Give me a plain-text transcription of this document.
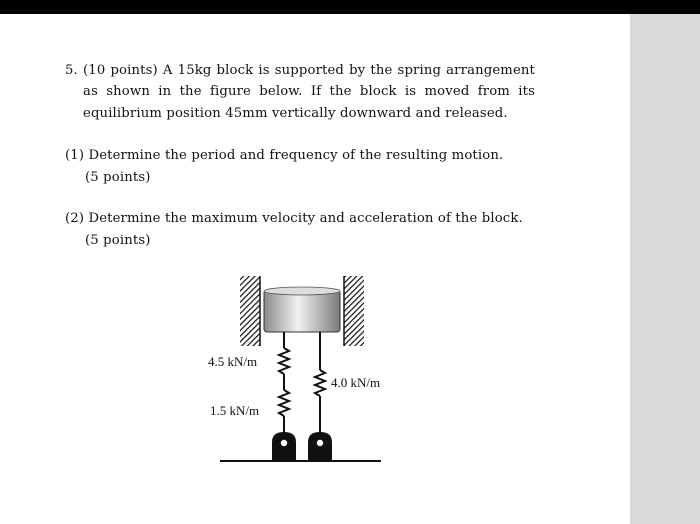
5. (10 points) A 15kg block is supported by the spring arrangement
as shown in the figure below. If the block is moved from its
equilibrium position 45mm vertically downward and released.
(1) Determine the period and frequency of the resulting motion.
(5 points)
(2) Determine the maximum velocity and acceleration of the block.
(5 points)
4.5 kN/m
4.0 kN/m
1.5 kN/m
